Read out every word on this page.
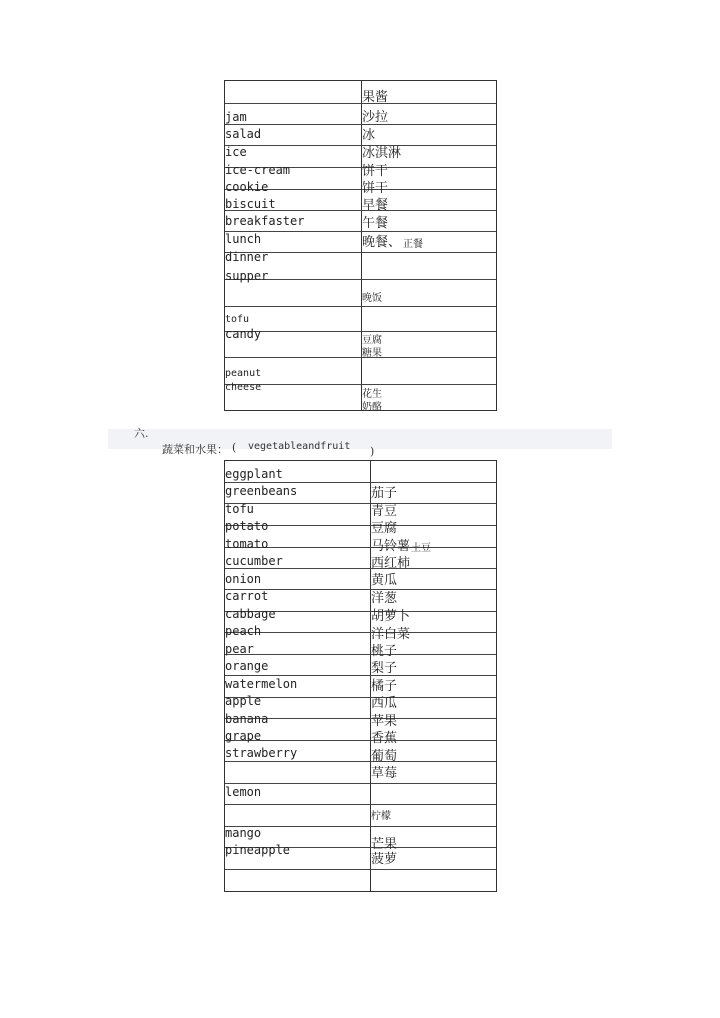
jam
salad
ice
ice-cream
cookie
biscuit
breakfaster
lunch
dinner
supper
tofu
candy
peanut
cheese
果酱
沙拉
冰
冰淇淋
饼干
饼干
早餐
午餐
晚餐、 正餐
晚饭
豆腐
糖果
花生
奶酪
六.
蔬菜和水果： ( vegetableandfruit )
eggplant
greenbeans
tofu
potato
tomato
cucumber
onion
carrot
cabbage
peach
pear
orange
watermelon
apple
banana
grape
strawberry
lemon
mango
pineapple
茄子
青豆
豆腐
马铃薯 土豆
西红柿
黄瓜
洋葱
胡萝卜
洋白菜
桃子
梨子
橘子
西瓜
苹果
香蕉
葡萄
草莓
柠檬
芒果
菠萝
